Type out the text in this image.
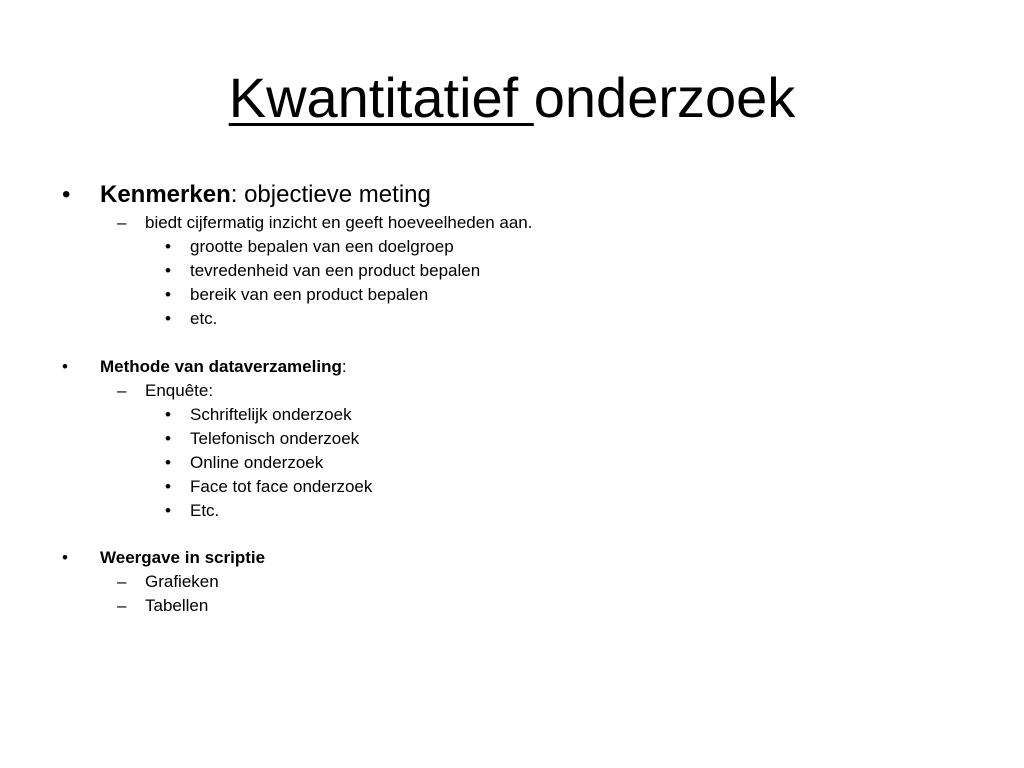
Kwantitatief onderzoek
• Kenmerken: objectieve meting
– biedt cijfermatig inzicht en geeft hoeveelheden aan.
• grootte bepalen van een doelgroep
• tevredenheid van een product bepalen
• bereik van een product bepalen
• etc.
• Methode van dataverzameling:
– Enquête:
• Schriftelijk onderzoek
• Telefonisch onderzoek
• Online onderzoek
• Face tot face onderzoek
• Etc.
• Weergave in scriptie
– Grafieken
– Tabellen
